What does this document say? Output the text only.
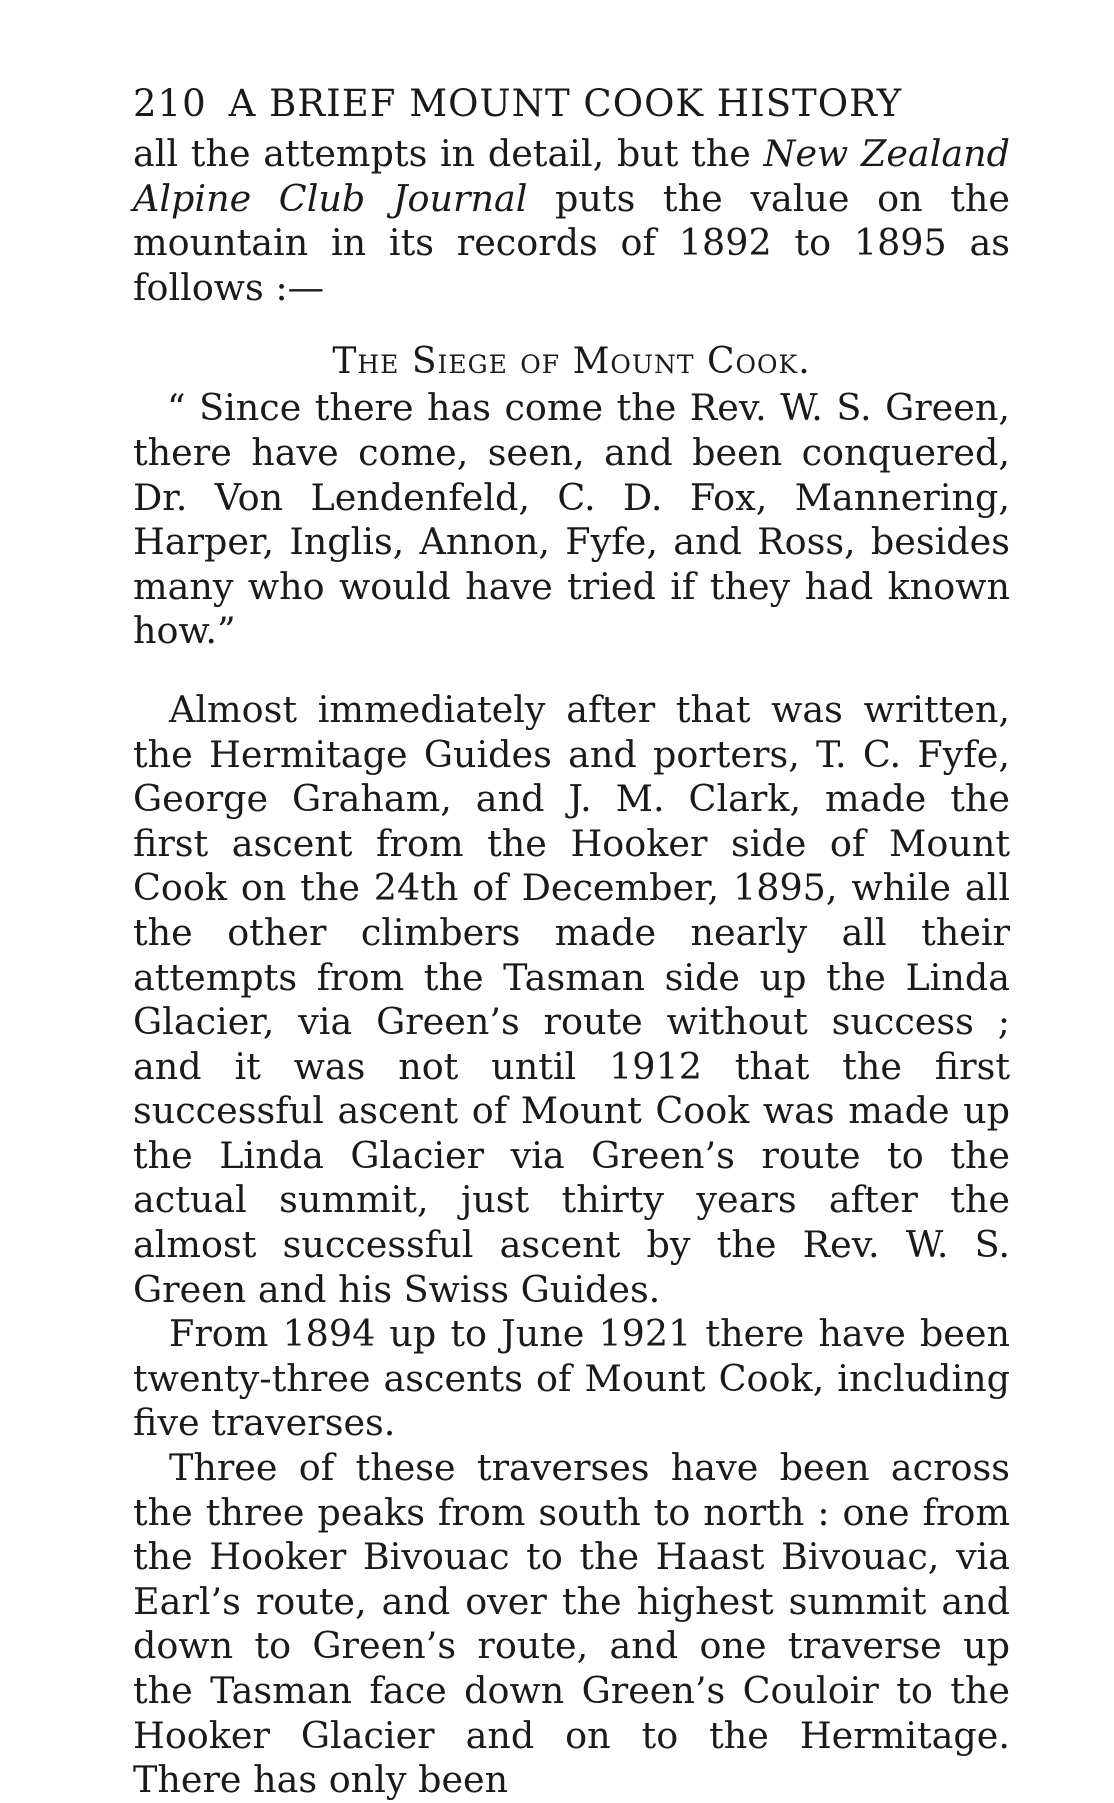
210 A BRIEF MOUNT COOK HISTORY

all the attempts in detail, but the New Zealand Alpine Club Journal puts the value on the mountain in its records of 1892 to 1895 as follows :—

The Siege of Mount Cook.

“ Since there has come the Rev. W. S. Green, there have come, seen, and been conquered, Dr. Von Lendenfeld, C. D. Fox, Mannering, Harper, Inglis, Annon, Fyfe, and Ross, besides many who would have tried if they had known how.”

Almost immediately after that was written, the Hermitage Guides and porters, T. C. Fyfe, George Graham, and J. M. Clark, made the first ascent from the Hooker side of Mount Cook on the 24th of December, 1895, while all the other climbers made nearly all their attempts from the Tasman side up the Linda Glacier, via Green’s route without success ; and it was not until 1912 that the first successful ascent of Mount Cook was made up the Linda Glacier via Green’s route to the actual summit, just thirty years after the almost successful ascent by the Rev. W. S. Green and his Swiss Guides.

From 1894 up to June 1921 there have been twenty-three ascents of Mount Cook, including five traverses.

Three of these traverses have been across the three peaks from south to north : one from the Hooker Bivouac to the Haast Bivouac, via Earl’s route, and over the highest summit and down to Green’s route, and one traverse up the Tasman face down Green’s Couloir to the Hooker Glacier and on to the Hermitage. There has only been
